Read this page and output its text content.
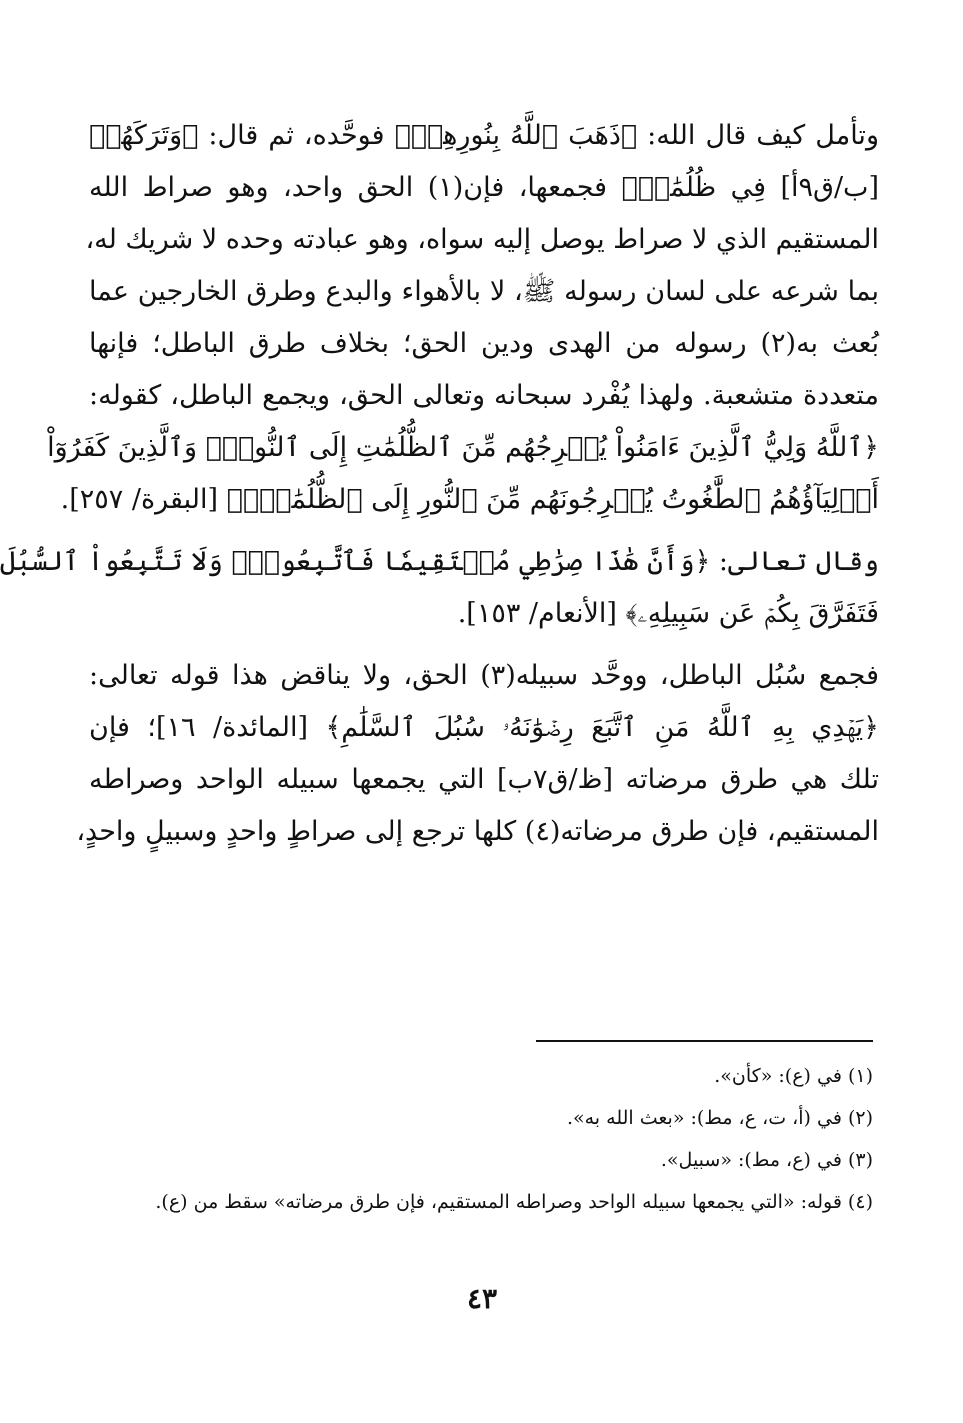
وتأمل كيف قال الله: ﴿ذَهَبَ ٱللَّهُ بِنُورِهِمۡ﴾ فوحَّده، ثم قال: ﴿وَتَرَكَهُمۡ
[ب/ق٩أ] فِي ظُلُمَٰتٖ﴾ فجمعها، فإن(١) الحق واحد، وهو صراط الله
المستقيم الذي لا صراط يوصل إليه سواه، وهو عبادته وحده لا شريك له،
بما شرعه على لسان رسوله ﷺ، لا بالأهواء والبدع وطرق الخارجين عما
بُعث به(٢) رسوله من الهدى ودين الحق؛ بخلاف طرق الباطل؛ فإنها
متعددة متشعبة. ولهذا يُفْرد سبحانه وتعالى الحق، ويجمع الباطل، كقوله:
﴿ٱللَّهُ وَلِيُّ ٱلَّذِينَ ءَامَنُواْ يُخۡرِجُهُم مِّنَ ٱلظُّلُمَٰتِ إِلَى ٱلنُّورِۖ وَٱلَّذِينَ كَفَرُوٓاْ
أَوۡلِيَآؤُهُمُ ٱلطَّٰغُوتُ يُخۡرِجُونَهُم مِّنَ ٱلنُّورِ إِلَى ٱلظُّلُمَٰتِۗ﴾ [البقرة/ ٢٥٧].
وقال تعالى: ﴿وَأَنَّ هَٰذَا صِرَٰطِي مُسۡتَقِيمٗا فَٱتَّبِعُوهُۖ وَلَا تَتَّبِعُواْ ٱلسُّبُلَ
فَتَفَرَّقَ بِكُمۡ عَن سَبِيلِهِۦ﴾ [الأنعام/ ١٥٣].
فجمع سُبُل الباطل، ووحَّد سبيله(٣) الحق، ولا يناقض هذا قوله تعالى:
﴿يَهۡدِي بِهِ ٱللَّهُ مَنِ ٱتَّبَعَ رِضۡوَٰنَهُۥ سُبُلَ ٱلسَّلَٰمِ﴾ [المائدة/ ١٦]؛ فإن
تلك هي طرق مرضاته [ظ/ق٧ب] التي يجمعها سبيله الواحد وصراطه
المستقيم، فإن طرق مرضاته(٤) كلها ترجع إلى صراطٍ واحدٍ وسبيلٍ واحدٍ،
(١) في (ع): «كأن».
(٢) في (أ، ت، ع، مط): «بعث الله به».
(٣) في (ع، مط): «سبيل».
(٤) قوله: «التي يجمعها سبيله الواحد وصراطه المستقيم، فإن طرق مرضاته» سقط من (ع).
٤٣
